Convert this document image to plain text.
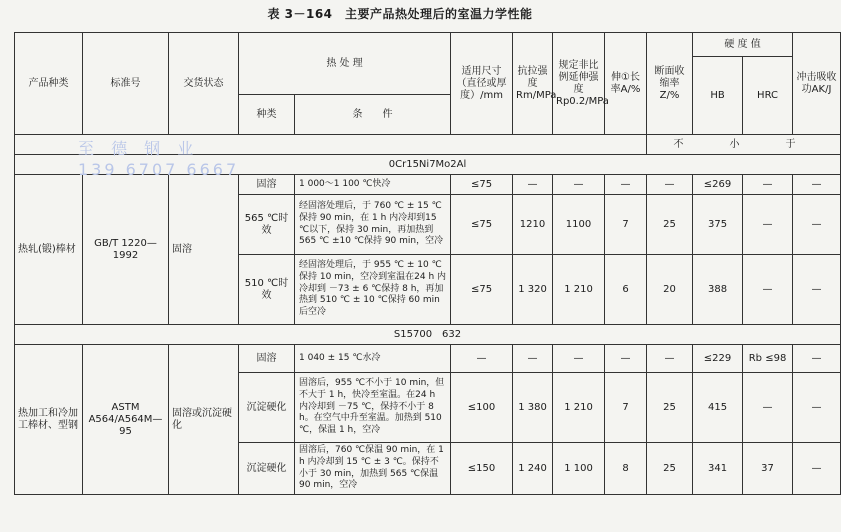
表 3－164　主要产品热处理后的室温力学性能
产品种类	标准号	交货状态	热 处 理		适用尺寸（直径或厚度）/mm	抗拉强度Rm/MPa	规定非比例延伸强度Rp0.2/MPa	伸①长率A/%	断面收缩率Z/%	硬 度 值		冲击吸收功AK/J
										HB	HRC	
			种类	条　　件								
									不　小　于			
0Cr15Ni7Mo2Al												
热轧(锻)棒材	GB/T 1220—1992	固溶	固溶	1 000～1 100 ℃快冷	≤75	—	—	—	—	≤269	—	—
			565 ℃时效	经固溶处理后，于 760 ℃ ± 15 ℃保持 90 min，在 1 h 内冷却到15 ℃以下，保持 30 min，再加热到565 ℃ ±10 ℃保持 90 min，空冷	≤75	1210	1100	7	25	375	—	—
			510 ℃时效	经固溶处理后，于 955 ℃ ± 10 ℃保持 10 min，空冷到室温在24 h 内冷却到 －73 ± 6 ℃保持 8 h，再加热到 510 ℃ ± 10 ℃保持 60 min 后空冷	≤75	1 320	1 210	6	20	388	—	—
S15700　632												
热加工和冷加工棒材、型钢	ASTM A564/A564M—95	固溶或沉淀硬化	固溶	1 040 ± 15 ℃水冷	—	—	—	—	—	≤229	Rb ≤98	—
			沉淀硬化	固溶后，955 ℃不小于 10 min，但不大于 1 h，快冷至室温。在24 h 内冷却到 －75 ℃，保持不小于 8 h。在空气中升至室温。加热到 510 ℃，保温 1 h，空冷	≤100	1 380	1 210	7	25	415	—	—
			沉淀硬化	固溶后，760 ℃保温 90 min，在 1 h 内冷却到 15 ℃ ± 3 ℃。保持不小于 30 min，加热到 565 ℃保温 90 min，空冷	≤150	1 240	1 100	8	25	341	37	—
至 德 钢 业
139 6707 6667
